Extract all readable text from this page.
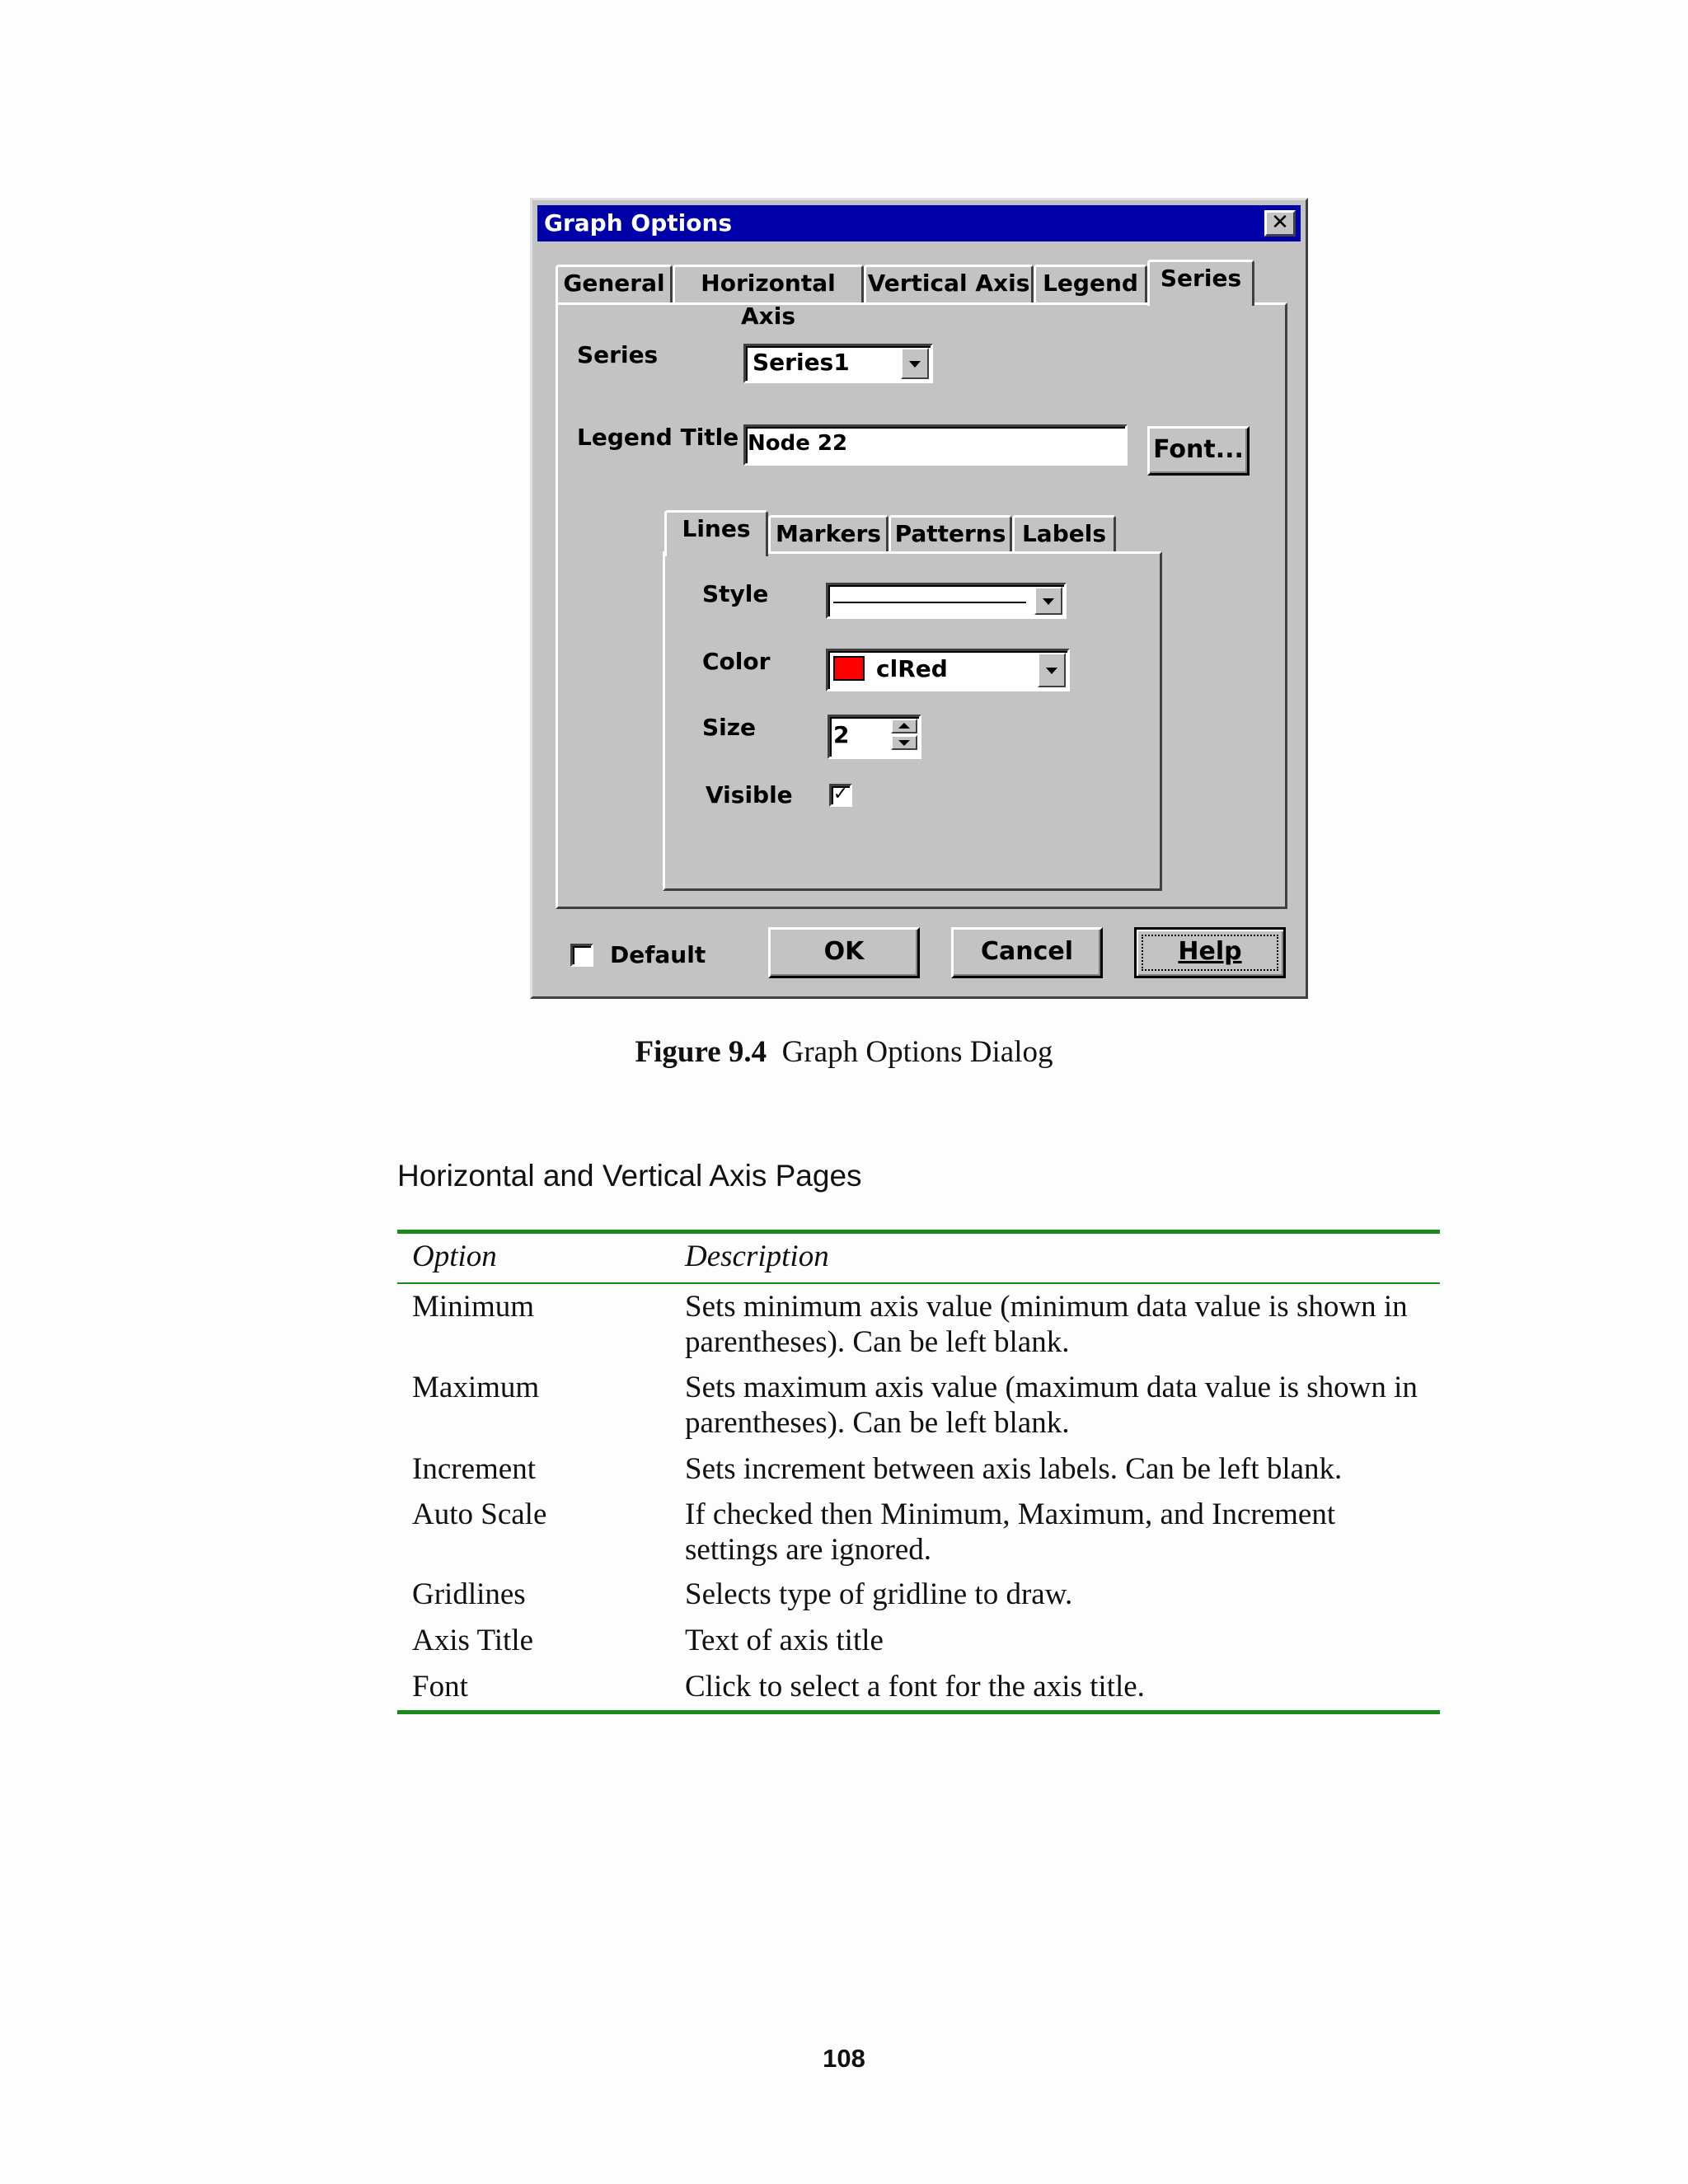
Graph Options	✕
General	Horizontal Axis
Vertical Axis Legend Series
Series	Series1
Legend Title Node 22	Font...
Lines	Markers Patterns Labels
Style
Color	clRed
Size	2
Visible ✓
Default	OK	Cancel	Help
Figure 9.4 Graph Options Dialog
Horizontal and Vertical Axis Pages
Option	Description
Minimum	Sets minimum axis value (minimum data value is shown in parentheses). Can be left blank.
Maximum	Sets maximum axis value (maximum data value is shown in parentheses). Can be left blank.
Increment	Sets increment between axis labels. Can be left blank.
Auto Scale	If checked then Minimum, Maximum, and Increment settings are ignored.
Gridlines	Selects type of gridline to draw.
Axis Title	Text of axis title
Font	Click to select a font for the axis title.
108
